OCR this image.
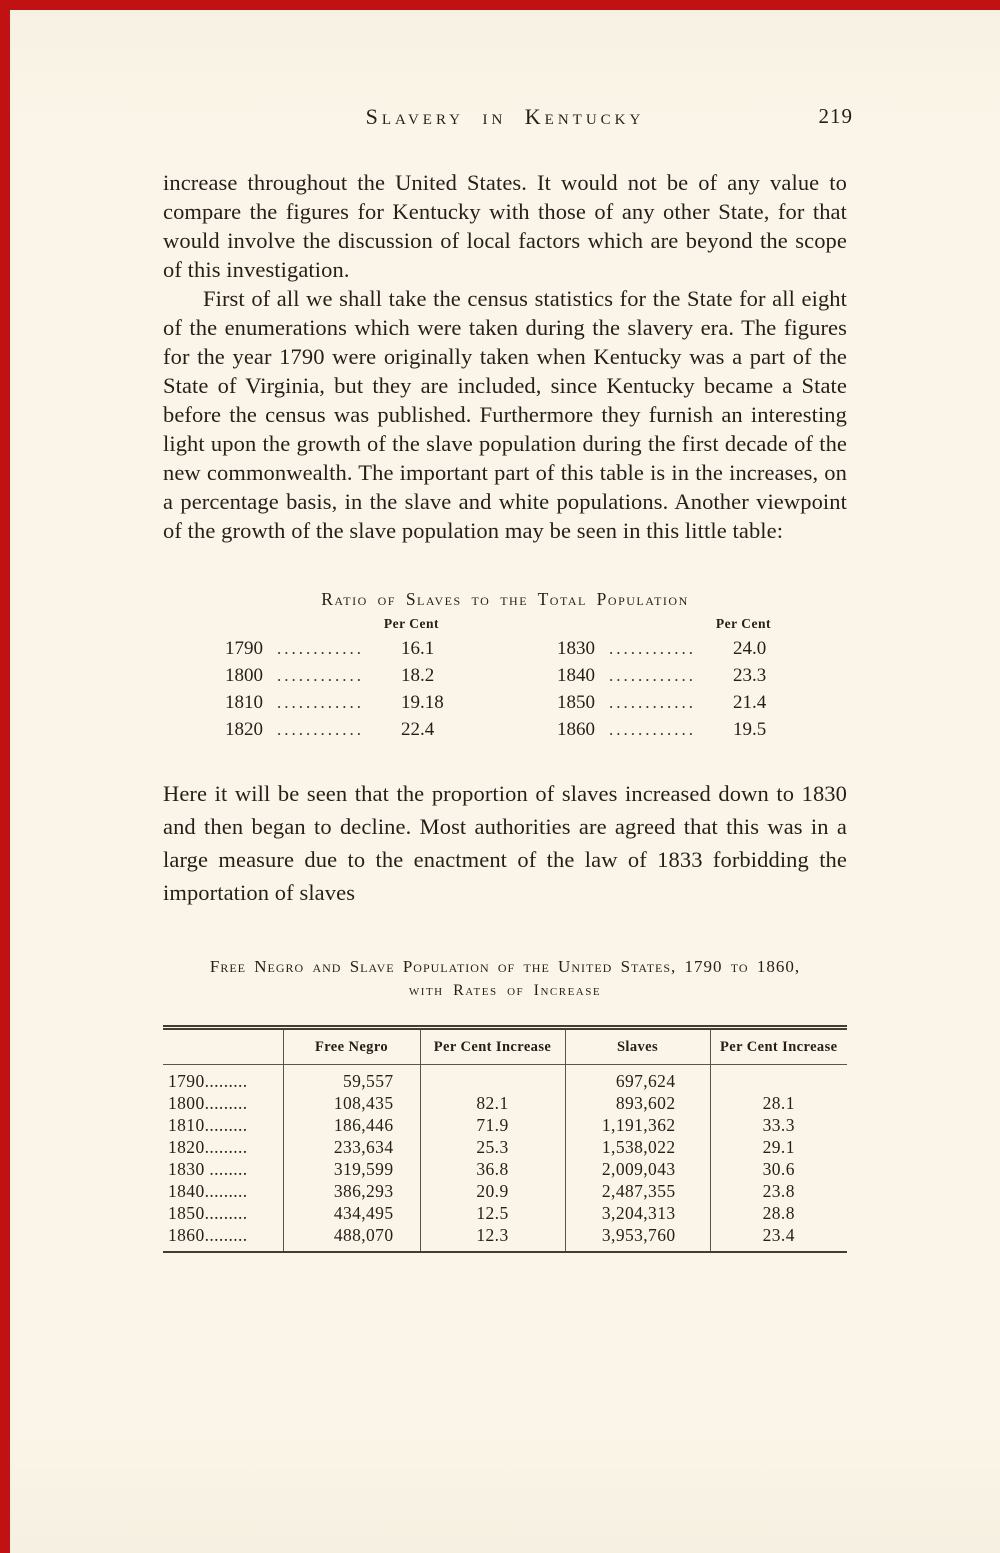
Slavery in Kentucky	219

increase throughout the United States. It would not be of any value to compare the figures for Kentucky with those of any other State, for that would involve the discussion of local factors which are beyond the scope of this investigation.

First of all we shall take the census statistics for the State for all eight of the enumerations which were taken during the slavery era. The figures for the year 1790 were originally taken when Kentucky was a part of the State of Virginia, but they are included, since Kentucky became a State before the census was published. Furthermore they furnish an interesting light upon the growth of the slave population during the first decade of the new commonwealth. The important part of this table is in the increases, on a percentage basis, in the slave and white populations. Another viewpoint of the growth of the slave population may be seen in this little table:

Ratio of Slaves to the Total Population
Per Cent
1790 ............	16.1
1800 ............	18.2
1810 ............	19.18
1820 ............	22.4
Per Cent
1830 ............	24.0
1840 ............	23.3
1850 ............	21.4
1860 ............	19.5

Here it will be seen that the proportion of slaves increased down to 1830 and then began to decline. Most authorities are agreed that this was in a large measure due to the enactment of the law of 1833 forbidding the importation of slaves

Free Negro and Slave Population of the United States, 1790 to 1860,
with Rates of Increase
	Free Negro	Per Cent Increase	Slaves	Per Cent Increase
1790.........	59,557		697,624	
1800.........	108,435	82.1	893,602	28.1
1810.........	186,446	71.9	1,191,362	33.3
1820.........	233,634	25.3	1,538,022	29.1
1830 ........	319,599	36.8	2,009,043	30.6
1840.........	386,293	20.9	2,487,355	23.8
1850.........	434,495	12.5	3,204,313	28.8
1860.........	488,070	12.3	3,953,760	23.4
